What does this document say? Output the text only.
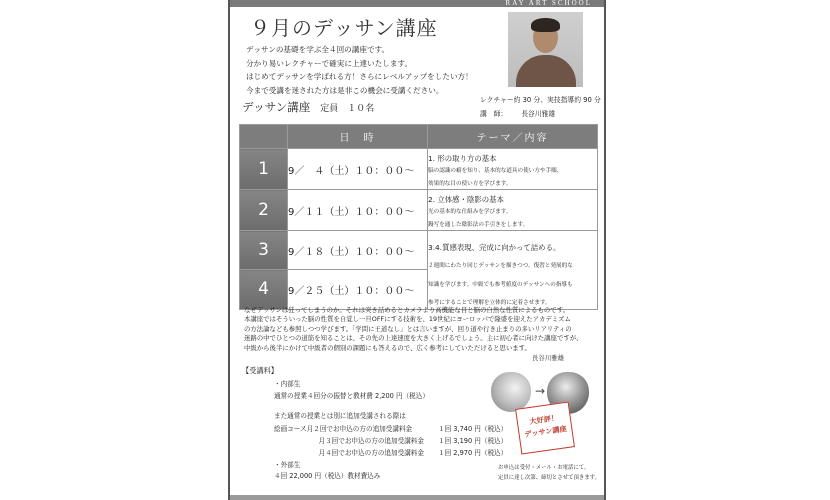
RAY ART SCHOOL
９月のデッサン講座
デッサンの基礎を学ぶ全４回の講座です。
分かり易いレクチャーで確実に上達いたします。
はじめてデッサンを学ばれる方！さらにレベルアップをしたい方！
今まで受講を迷された方は是非この機会に受講ください。
レクチャー約 30 分、実技指導約 90 分
講　師： 長谷川雅雄
デッサン講座 定員　１０名
	日　時	テーマ／内容
1	9／　４（土）１０：００〜	1. 形の取り方の基本
脳の認識の癖を知り、基本的な道具の使い方や手順、
効果的な目の使い方を学びます。

2	9／１１（土）１０：００〜	2. 立体感・陰影の基本
光の基本的な仕組みを学びます。
鏝写を通した陰影法の手引きをします。

3	9／１８（土）１０：００〜	3.4.質感表現、完成に向かって詰める。
２週間にわたり同じデッサンを描きつつ、復習と発展的な
知識を学びます。中級でも参考値度のデッサンへの指導も
参考にすることで理解を立体的に定着させます。

4	9／２５（土）１０：００〜	
なぜデッサンは狂ってしまうのか。それは突き詰めるとカメラより高機能な目と脳の自然な性質によるものです。
本講座ではそういった脳の性質を自覚し一旦OFFにする技術を、19世紀にヨーロッパで隆盛を迎えたアカデミズム
の方法論なども参照しつつ学びます。「学問に王道なし」とは言いますが、回り道や行き止まりの多いリアリティの
迷路の中でひとつの道筋を知ることは、その先の上達速度を大きく上げるでしょう。主に初心者に向けた講座ですが、
中級から後半にかけて中級者の個別の課題にも答えるので、広く参考にしていただけると思います。
長谷川雅雄
【受講料】
・内部生
通常の授業４回分の振替と教材費 2,200 円（税込）
また通常の授業とは別に追加受講される際は
絵画コース月２回でお申込の方の追加受講料金	１回 3,740 円（税込）
月３回でお申込の方の追加受講料金 １回 3,190 円（税込）
月４回でお申込の方の追加受講料金 １回 2,970 円（税込）
・外部生
４回 22,000 円（税込）教材費込み
→
大好評！
デッサン講座
お申込は受付・メール・お電話にて。
定員に達し次第、締切とさせて頂きます。
